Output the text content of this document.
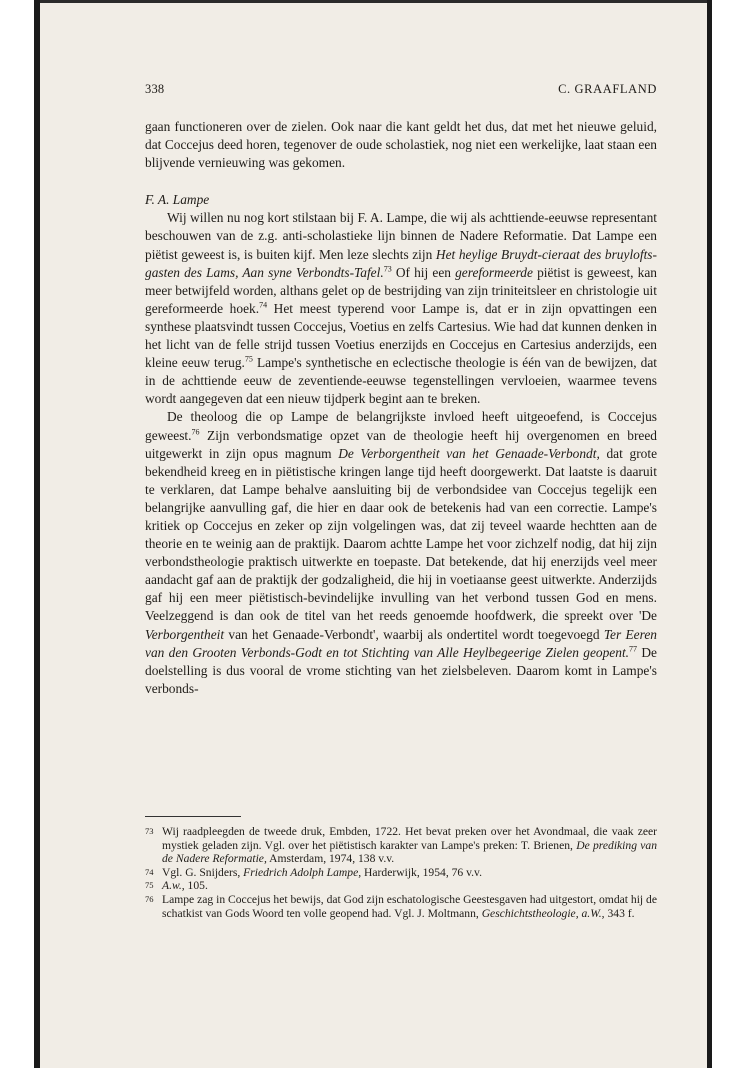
338	C. GRAAFLAND

gaan functioneren over de zielen. Ook naar die kant geldt het dus, dat met het nieuwe geluid, dat Coccejus deed horen, tegenover de oude scholastiek, nog niet een werkelijke, laat staan een blijvende vernieuwing was gekomen.

F. A. Lampe

Wij willen nu nog kort stilstaan bij F. A. Lampe, die wij als achttiende-eeuwse representant beschouwen van de z.g. anti-scholastieke lijn binnen de Nadere Reformatie. Dat Lampe een piëtist geweest is, is buiten kijf. Men leze slechts zijn Het heylige Bruydt-cieraat des bruylofts-gasten des Lams, Aan syne Verbondts-Tafel.$^{73}$ Of hij een gereformeerde piëtist is geweest, kan meer betwijfeld worden, althans gelet op de bestrijding van zijn triniteitsleer en christologie uit gereformeerde hoek.$^{74}$ Het meest typerend voor Lampe is, dat er in zijn opvattingen een synthese plaatsvindt tussen Coccejus, Voetius en zelfs Cartesius. Wie had dat kunnen denken in het licht van de felle strijd tussen Voetius enerzijds en Coccejus en Cartesius anderzijds, een kleine eeuw terug.$^{75}$ Lampe's synthetische en eclectische theologie is één van de bewijzen, dat in de achttiende eeuw de zeventiende-eeuwse tegenstellingen vervloeien, waarmee tevens wordt aangegeven dat een nieuw tijdperk begint aan te breken.

De theoloog die op Lampe de belangrijkste invloed heeft uitgeoefend, is Coccejus geweest.$^{76}$ Zijn verbondsmatige opzet van de theologie heeft hij overgenomen en breed uitgewerkt in zijn opus magnum De Verborgentheit van het Genaade-Verbondt, dat grote bekendheid kreeg en in piëtistische kringen lange tijd heeft doorgewerkt. Dat laatste is daaruit te verklaren, dat Lampe behalve aansluiting bij de verbondsidee van Coccejus tegelijk een belangrijke aanvulling gaf, die hier en daar ook de betekenis had van een correctie. Lampe's kritiek op Coccejus en zeker op zijn volgelingen was, dat zij teveel waarde hechtten aan de theorie en te weinig aan de praktijk. Daarom achtte Lampe het voor zichzelf nodig, dat hij zijn verbondstheologie praktisch uitwerkte en toepaste. Dat betekende, dat hij enerzijds veel meer aandacht gaf aan de praktijk der godzaligheid, die hij in voetiaanse geest uitwerkte. Anderzijds gaf hij een meer piëtistisch-bevindelijke invulling van het verbond tussen God en mens. Veelzeggend is dan ook de titel van het reeds genoemde hoofdwerk, die spreekt over 'De Verborgentheit van het Genaade-Verbondt', waarbij als ondertitel wordt toegevoegd Ter Eeren van den Grooten Verbonds-Godt en tot Stichting van Alle Heylbegeerige Zielen geopent.$^{77}$ De doelstelling is dus vooral de vrome stichting van het zielsbeleven. Daarom komt in Lampe's verbonds-

73 Wij raadpleegden de tweede druk, Embden, 1722. Het bevat preken over het Avondmaal, die vaak zeer mystiek geladen zijn. Vgl. over het piëtistisch karakter van Lampe's preken: T. Brienen, De prediking van de Nadere Reformatie, Amsterdam, 1974, 138 v.v.

74 Vgl. G. Snijders, Friedrich Adolph Lampe, Harderwijk, 1954, 76 v.v.

75 A.w., 105.

76 Lampe zag in Coccejus het bewijs, dat God zijn eschatologische Geestesgaven had uitgestort, omdat hij de schatkist van Gods Woord ten volle geopend had. Vgl. J. Moltmann, Geschichtstheologie, a.W., 343 f.
